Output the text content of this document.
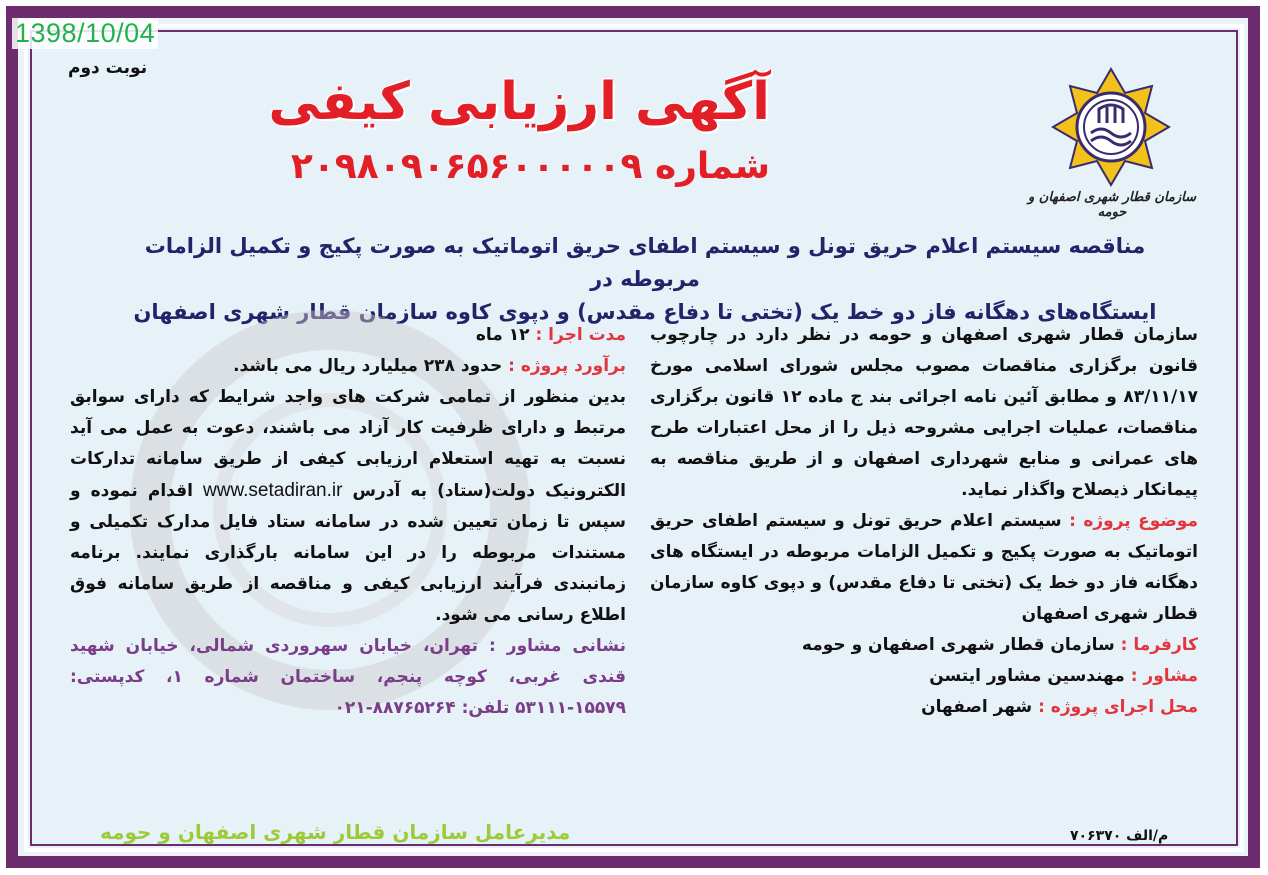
1398/10/04
نوبت دوم
آگهی ارزیابی کیفی
شماره ۲۰۹۸۰۹۰۶۵۶۰۰۰۰۰۹
سازمان قطار شهری اصفهان و حومه
مناقصه سیستم اعلام حریق تونل و سیستم اطفای حریق اتوماتیک به صورت پکیج و تکمیل الزامات مربوطه در
ایستگاه‌های دهگانه فاز دو خط یک (تختی تا دفاع مقدس) و دپوی کاوه سازمان قطار شهری اصفهان

سازمان قطار شهری اصفهان و حومه در نظر دارد در چارچوب قانون برگزاری مناقصات مصوب مجلس شورای اسلامی مورخ ۸۳/۱۱/۱۷ و مطابق آئین نامه اجرائی بند ج ماده ۱۲ قانون برگزاری مناقصات، عملیات اجرایی مشروحه ذیل را از محل اعتبارات طرح های عمرانی و منابع شهرداری اصفهان و از طریق مناقصه به پیمانکار ذیصلاح واگذار نماید.

موضوع پروژه : سیستم اعلام حریق تونل و سیستم اطفای حریق اتوماتیک به صورت پکیج و تکمیل الزامات مربوطه در ایستگاه های دهگانه فاز دو خط یک (تختی تا دفاع مقدس) و دپوی کاوه سازمان قطار شهری اصفهان

کارفرما : سازمان قطار شهری اصفهان و حومه

مشاور : مهندسین مشاور ایتسن

محل اجرای پروژه : شهر اصفهان

مدت اجرا : ۱۲ ماه

برآورد پروژه : حدود ۲۳۸ میلیارد ریال می باشد.

بدین منظور از تمامی شرکت های واجد شرایط که دارای سوابق مرتبط و دارای ظرفیت کار آزاد می باشند، دعوت به عمل می آید نسبت به تهیه استعلام ارزیابی کیفی از طریق سامانه تدارکات الکترونیک دولت(ستاد) به آدرس www.setadiran.ir اقدام نموده و سپس تا زمان تعیین شده در سامانه ستاد فایل مدارک تکمیلی و مستندات مربوطه را در این سامانه بارگذاری نمایند. برنامه زمانبندی فرآیند ارزیابی کیفی و مناقصه از طریق سامانه فوق اطلاع رسانی می شود.

نشانی مشاور : تهران، خیابان سهروردی شمالی، خیابان شهید قندی غربی، کوچه پنجم، ساختمان شماره ۱، کدپستی: ۱۵۵۷۹-۵۳۱۱۱ تلفن: ۸۸۷۶۵۲۶۴-۰۲۱

مدیرعامل سازمان قطار شهری اصفهان و حومه	م/الف ۷۰۶۳۷۰
